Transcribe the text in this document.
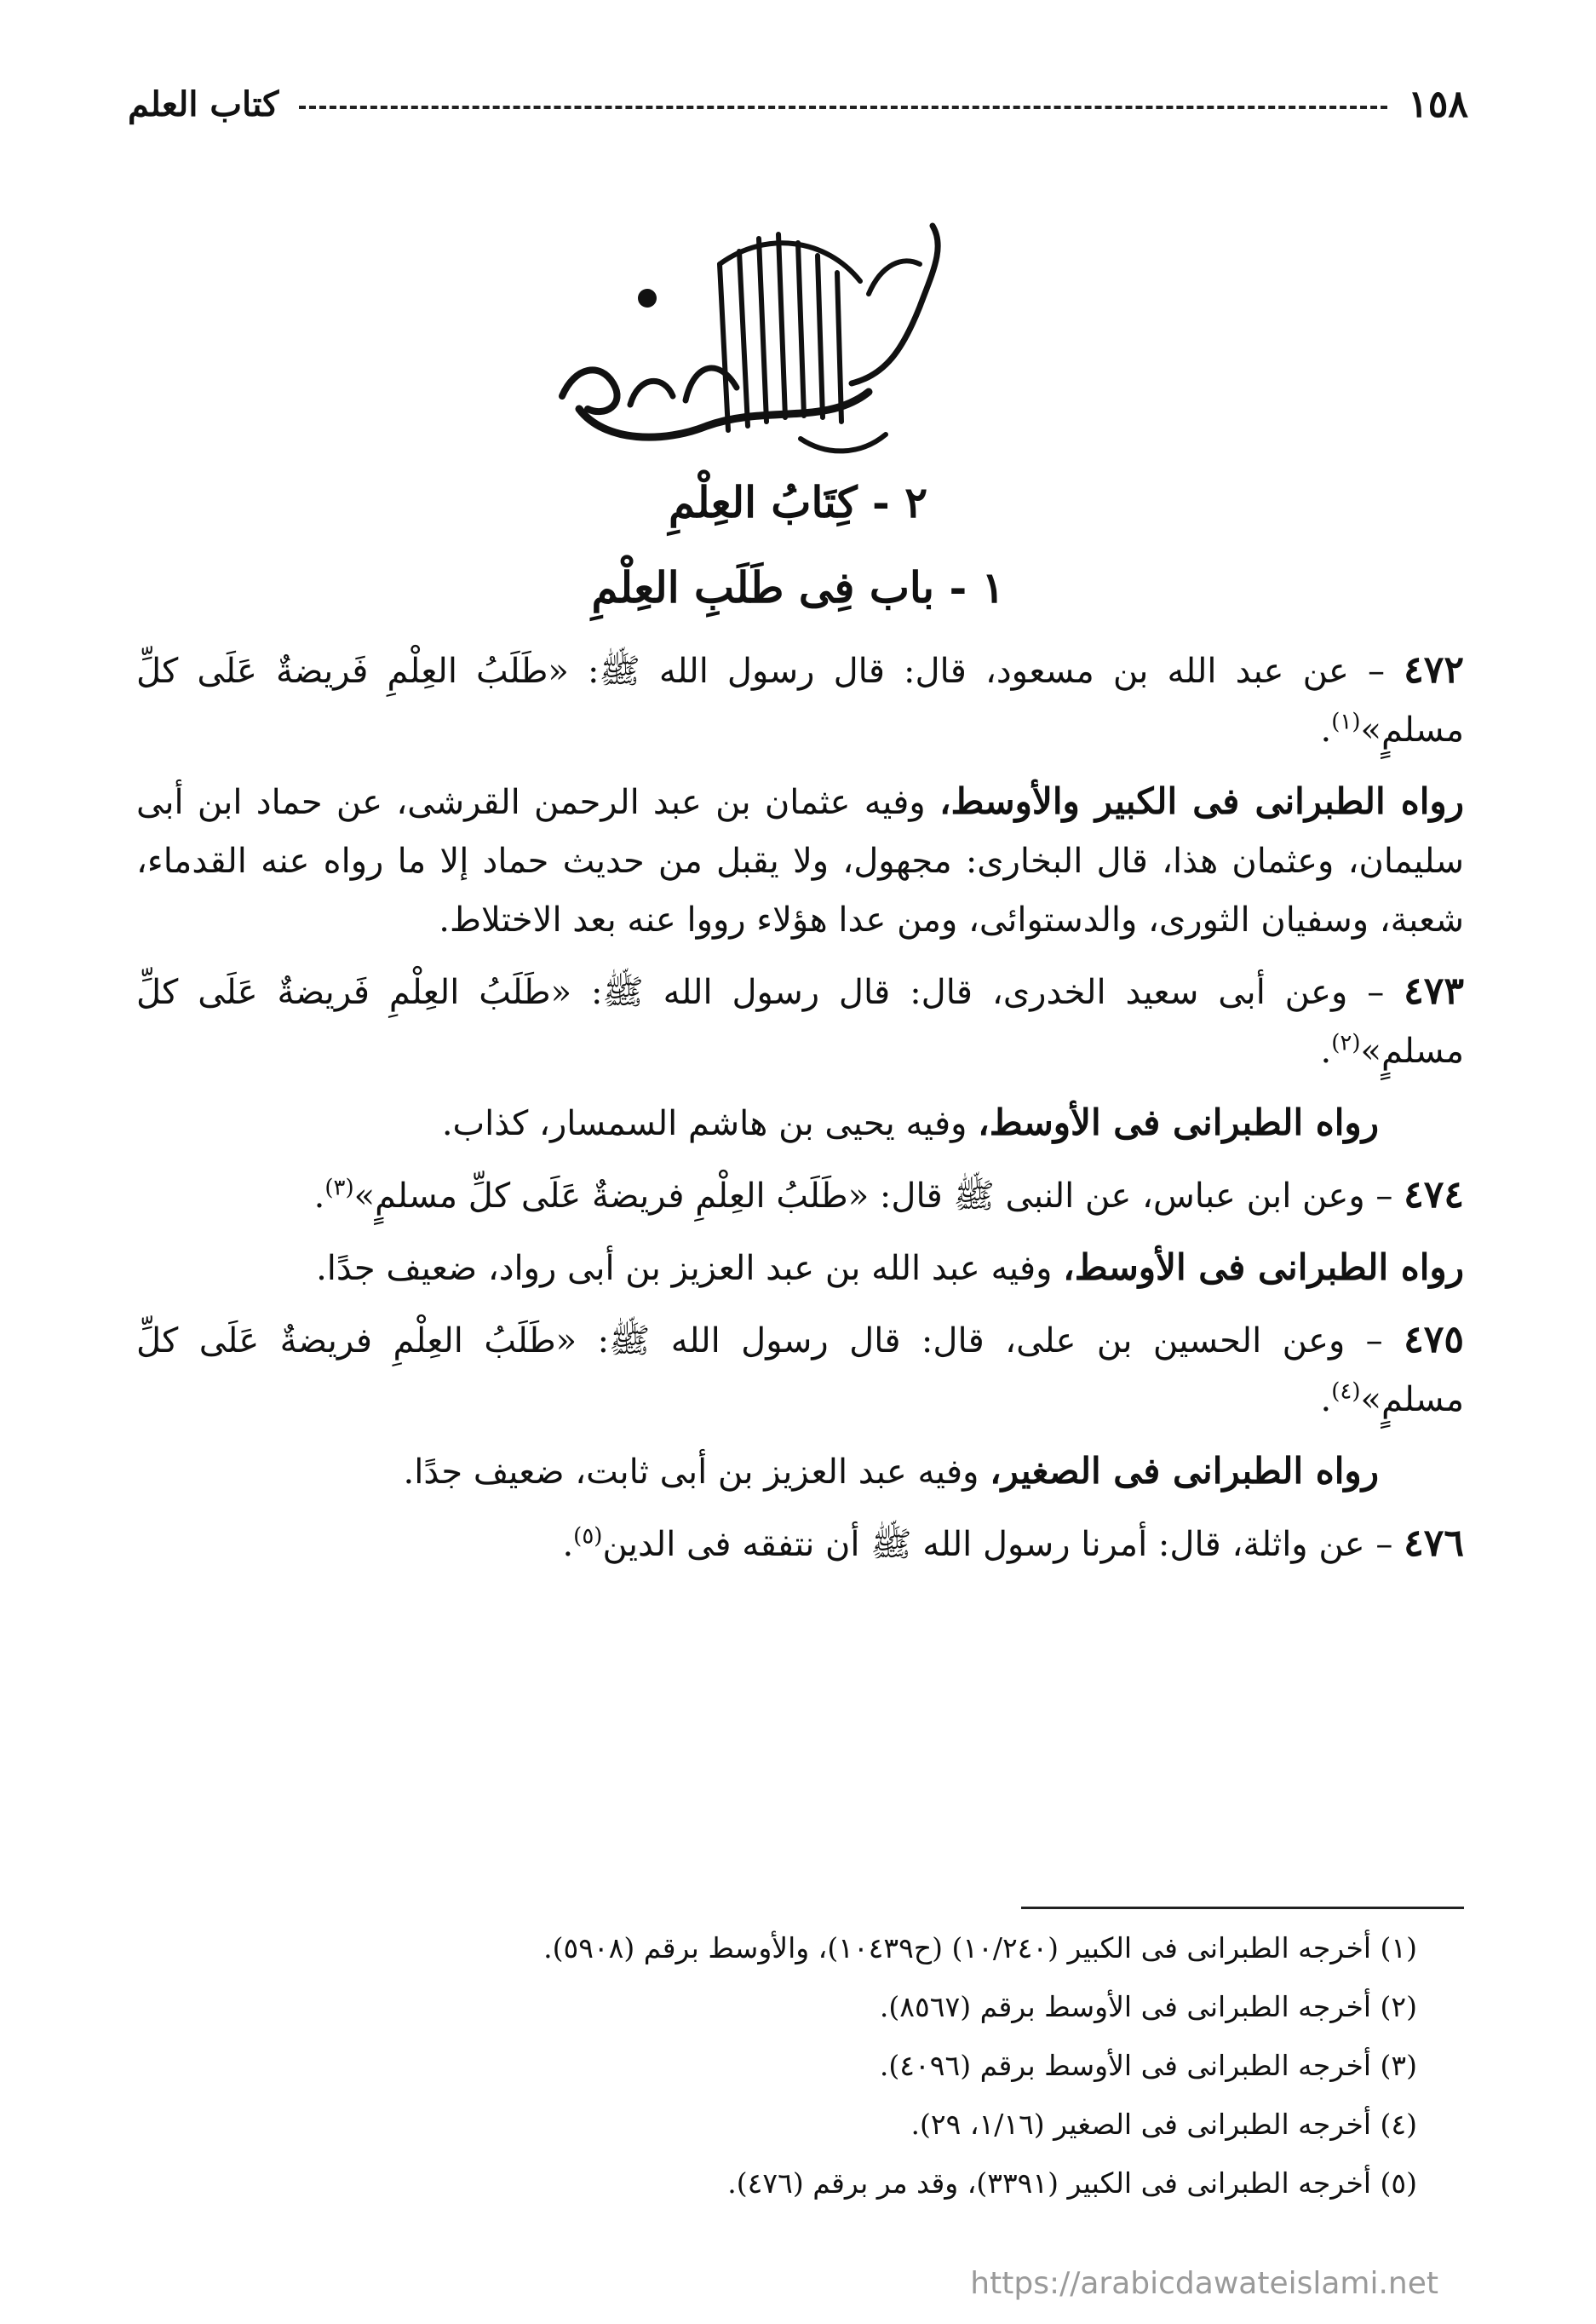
كتاب العلم	١٥٨
٢ - كِتَابُ العِلْمِ
١ - باب فِى طَلَبِ العِلْمِ

٤٧٢ – عن عبد الله بن مسعود، قال: قال رسول الله ﷺ: «طَلَبُ العِلْمِ فَريضةٌ عَلَى كلِّ مسلمٍ»$^{(١)}$.

رواه الطبرانى فى الكبير والأوسط، وفيه عثمان بن عبد الرحمن القرشى، عن حماد ابن أبى سليمان، وعثمان هذا، قال البخارى: مجهول، ولا يقبل من حديث حماد إلا ما رواه عنه القدماء، شعبة، وسفيان الثورى، والدستوائى، ومن عدا هؤلاء رووا عنه بعد الاختلاط.

٤٧٣ – وعن أبى سعيد الخدرى، قال: قال رسول الله ﷺ: «طَلَبُ العِلْمِ فَريضةٌ عَلَى كلِّ مسلمٍ»$^{(٢)}$.

رواه الطبرانى فى الأوسط، وفيه يحيى بن هاشم السمسار، كذاب.

٤٧٤ – وعن ابن عباس، عن النبى ﷺ قال: «طَلَبُ العِلْمِ فريضةٌ عَلَى كلِّ مسلمٍ»$^{(٣)}$.

رواه الطبرانى فى الأوسط، وفيه عبد الله بن عبد العزيز بن أبى رواد، ضعيف جدًا.

٤٧٥ – وعن الحسين بن على، قال: قال رسول الله ﷺ: «طَلَبُ العِلْمِ فريضةٌ عَلَى كلِّ مسلمٍ»$^{(٤)}$.

رواه الطبرانى فى الصغير، وفيه عبد العزيز بن أبى ثابت، ضعيف جدًا.

٤٧٦ – عن واثلة، قال: أمرنا رسول الله ﷺ أن نتفقه فى الدين$^{(٥)}$.

(١) أخرجه الطبرانى فى الكبير (١٠/٢٤٠) (ح١٠٤٣٩)، والأوسط برقم (٥٩٠٨).
(٢) أخرجه الطبرانى فى الأوسط برقم (٨٥٦٧).
(٣) أخرجه الطبرانى فى الأوسط برقم (٤٠٩٦).
(٤) أخرجه الطبرانى فى الصغير (١/١٦، ٢٩).
(٥) أخرجه الطبرانى فى الكبير (٣٣٩١)، وقد مر برقم (٤٧٦).
https://arabicdawateislami.net
